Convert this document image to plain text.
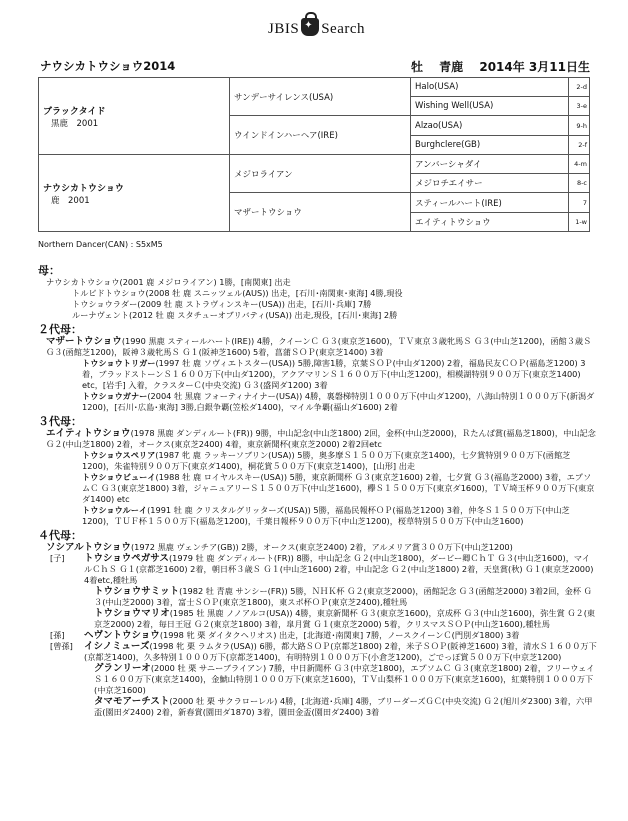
JBIS ✦ Search
ナウシカトウショウ2014	牡　 青鹿　 2014年 3月11日生
ブラックタイド
黒鹿　2001	サンデーサイレンス(USA)	Halo(USA)	2-d
		Wishing Well(USA)	3-e
	ウインドインハーヘア(IRE)	Alzao(USA)	9-h
		Burghclere(GB)	2-f

ナウシカトウショウ
鹿　2001	メジロライアン	アンバーシャダイ	4-m
		メジロチエイサー	8-c
	マザートウショウ	スティールハート(IRE)	7
		エイティトウショウ	1-w
Northern Dancer(CAN) : S5xM5
母：
ナウシカトウショウ(2001 鹿 メジロライアン) 1勝，[南関東] 出走
トルビドトウショウ(2008 牡 鹿 スニッツェル(AUS)) 出走，[石川･南関東･東海] 4勝,現役
トウショウラダー(2009 牡 鹿 ストラヴィンスキー(USA)) 出走，[石川･兵庫] 7勝
ルーナヴェント(2012 牡 鹿 スタチューオブリバティ(USA)) 出走,現役，[石川･東海] 2勝
２代母：
マザートウショウ(1990 黒鹿 スティールハート(IRE)) 4勝，クイーンＣ Ｇ３(東京芝1600)，ＴＶ東京３歳牝馬Ｓ Ｇ３(中山芝1200)，函館３歳Ｓ Ｇ３(函館芝1200)，阪神３歳牝馬Ｓ Ｇ１(阪神芝1600) 5着，菖蒲ＳＯＰ(東京芝1400) 3着
トウショウトリガー(1997 牡 鹿 ソヴィエトスター(USA)) 5勝,障害1勝，京葉ＳＯＰ(中山ダ1200) 2着，福島民友ＣＯＰ(福島芝1200) 3着，ブラッドストーンＳ１６００万下(中山ダ1200)，アクアマリンＳ１６００万下(中山芝1200)，相模湖特別９００万下(東京芝1400) etc，[岩手] 入着，クラスターＣ(中央交流) Ｇ３(盛岡ダ1200) 3着
トウショウガナー(2004 牡 黒鹿 フォーティナイナー(USA)) 4勝，裏磐梯特別１０００万下(中山ダ1200)，八海山特別１０００万下(新潟ダ1200)，[石川･広島･東海] 3勝,白銀争覇(笠松ダ1400)，マイル争覇(福山ダ1600) 2着
３代母：
エイティトウショウ(1978 黒鹿 ダンディルート(FR)) 9勝，中山記念(中山芝1800) 2回，金杯(中山芝2000)，Ｒたんぱ賞(福島芝1800)，中山記念 Ｇ２(中山芝1800) 2着，オークス(東京芝2400) 4着，東京新聞杯(東京芝2000) 2着2回etc
トウショウスペリア(1987 牝 鹿 ラッキーソブリン(USA)) 5勝，奥多摩Ｓ１５００万下(東京芝1400)，七夕賞特別９００万下(函館芝1200)，朱雀特別９００万下(東京ダ1400)，桐花賞５００万下(東京芝1400)，[山形] 出走
トウショウビューイ(1988 牡 鹿 ロイヤルスキー(USA)) 5勝，東京新聞杯 Ｇ３(東京芝1600) 2着，七夕賞 Ｇ３(福島芝2000) 3着，エプソムＣ Ｇ３(東京芝1800) 3着，ジャニュアリーＳ１５００万下(中山芝1600)，欅Ｓ１５００万下(東京ダ1600)，ＴＶ埼玉杯９００万下(東京ダ1400) etc
トウショウルーイ(1991 牡 鹿 クリスタルグリッターズ(USA)) 5勝，福島民報杯ＯＰ(福島芝1200) 3着，仲冬Ｓ１５００万下(中山芝1200)，ＴＵＦ杯１５００万下(福島芝1200)，千葉日報杯９００万下(中山芝1200)，桜草特別５００万下(中山芝1600)
４代母：
ソシアルトウショウ(1972 黒鹿 ヴェンチア(GB)) 2勝，オークス(東京芝2400) 2着，アルメリア賞３００万下(中山芝1200)
[子]	トウショウペガサス(1979 牡 鹿 ダンディルート(FR)) 8勝，中山記念 Ｇ２(中山芝1800)，ダービー卿ＣｈＴ Ｇ３(中山芝1600)，マイルＣｈＳ Ｇ１(京都芝1600) 2着，朝日杯３歳Ｓ Ｇ１(中山芝1600) 2着，中山記念 Ｇ２(中山芝1800) 2着，天皇賞(秋) Ｇ１(東京芝2000) 4着etc,種牡馬
トウショウサミット(1982 牡 青鹿 サンシー(FR)) 5勝，ＮＨＫ杯 Ｇ２(東京芝2000)，函館記念 Ｇ３(函館芝2000) 3着2回，金杯 Ｇ３(中山芝2000) 3着，富士ＳＯＰ(東京芝1800)，東スポ杯ＯＰ(東京芝2400),種牡馬
トウショウマリオ(1985 牡 黒鹿 ノノアルコ(USA)) 4勝，東京新聞杯 Ｇ３(東京芝1600)，京成杯 Ｇ３(中山芝1600)，弥生賞 Ｇ２(東京芝2000) 2着，毎日王冠 Ｇ２(東京芝1800) 3着，皐月賞 Ｇ１(東京芝2000) 5着，クリスマスＳＯＰ(中山芝1600),種牡馬
[孫]	ヘヴントウショウ(1998 牝 栗 ダイタクヘリオス) 出走，[北海道･南関東] 7勝，ノースクイーンＣ(門別ダ1800) 3着
[曾孫]	イシノミューズ(1998 牝 栗 ラムタラ(USA)) 6勝，都大路ＳＯＰ(京都芝1800) 2着，米子ＳＯＰ(阪神芝1600) 3着，清水Ｓ１６００万下(京都芝1400)，久多特別１０００万下(京都芝1400)，有明特別１０００万下(小倉芝1200)，ごでっぽ賞５００万下(中京芝1200)
グランリーオ(2000 牡 栗 サニーブライアン) 7勝，中日新聞杯 Ｇ３(中京芝1800)，エプソムＣ Ｇ３(東京芝1800) 2着，フリーウェイＳ１６００万下(東京芝1400)，金鯱山特別１０００万下(東京芝1600)，ＴＶ山梨杯１０００万下(東京芝1600)，紅葉特別１０００万下(中京芝1600)
タマモアーチスト(2000 牡 栗 サクラローレル) 4勝，[北海道･兵庫] 4勝，ブリーダーズＧＣ(中央交流) Ｇ２(旭川ダ2300) 3着，六甲盃(園田ダ2400) 2着，新春賞(園田ダ1870) 3着，園田金盃(園田ダ2400) 3着
